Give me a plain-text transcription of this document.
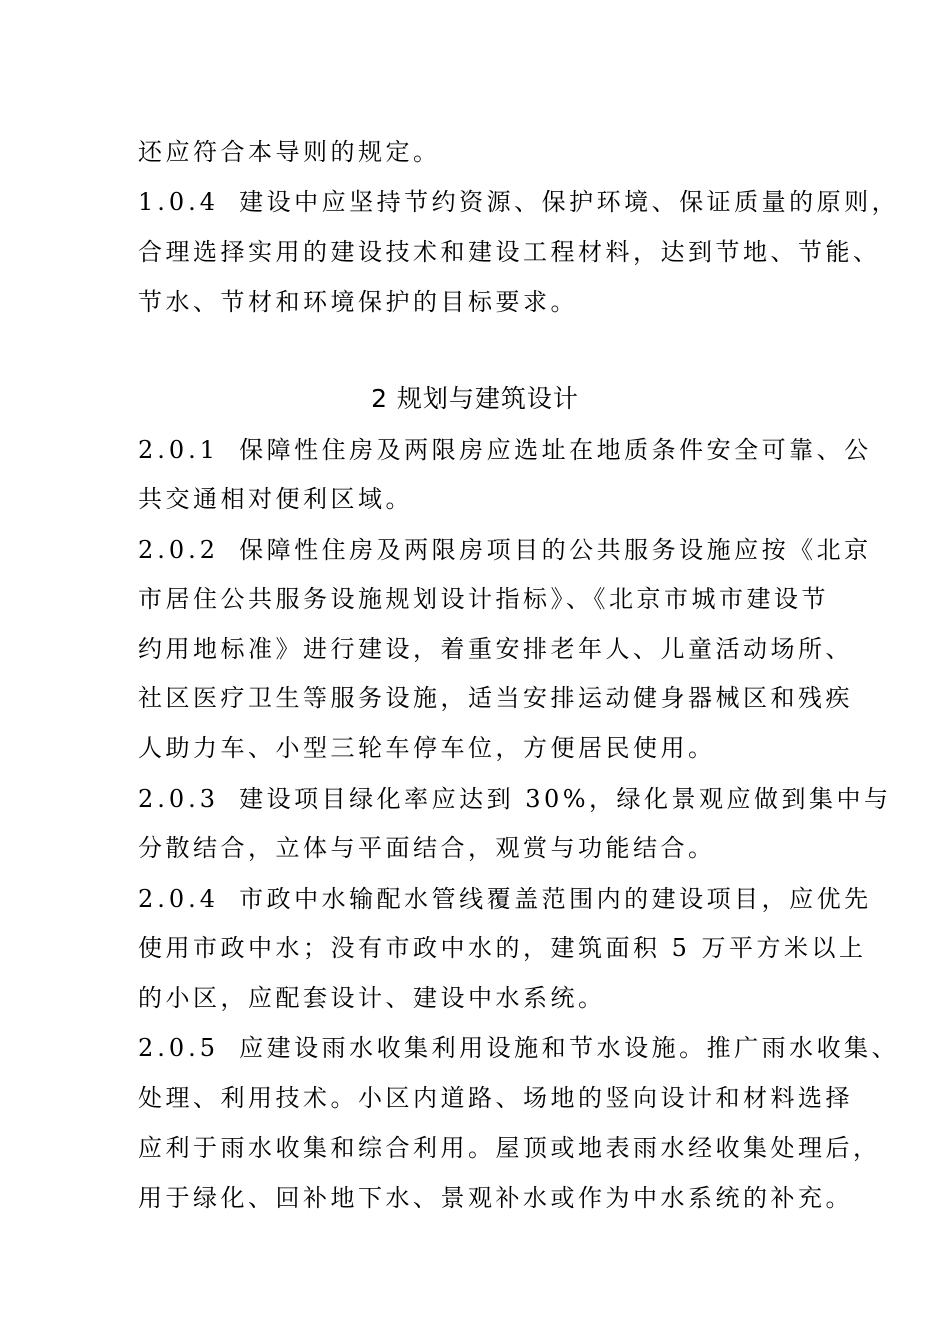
还应符合本导则的规定。
1.0.4 建设中应坚持节约资源、保护环境、保证质量的原则，
合理选择实用的建设技术和建设工程材料，达到节地、节能、
节水、节材和环境保护的目标要求。
2 规划与建筑设计
2.0.1 保障性住房及两限房应选址在地质条件安全可靠、公
共交通相对便利区域。
2.0.2 保障性住房及两限房项目的公共服务设施应按《北京
市居住公共服务设施规划设计指标》、《北京市城市建设节
约用地标准》进行建设，着重安排老年人、儿童活动场所、
社区医疗卫生等服务设施，适当安排运动健身器械区和残疾
人助力车、小型三轮车停车位，方便居民使用。
2.0.3 建设项目绿化率应达到 30%，绿化景观应做到集中与
分散结合，立体与平面结合，观赏与功能结合。
2.0.4 市政中水输配水管线覆盖范围内的建设项目，应优先
使用市政中水；没有市政中水的，建筑面积 5 万平方米以上
的小区，应配套设计、建设中水系统。
2.0.5 应建设雨水收集利用设施和节水设施。推广雨水收集、
处理、利用技术。小区内道路、场地的竖向设计和材料选择
应利于雨水收集和综合利用。屋顶或地表雨水经收集处理后，
用于绿化、回补地下水、景观补水或作为中水系统的补充。
